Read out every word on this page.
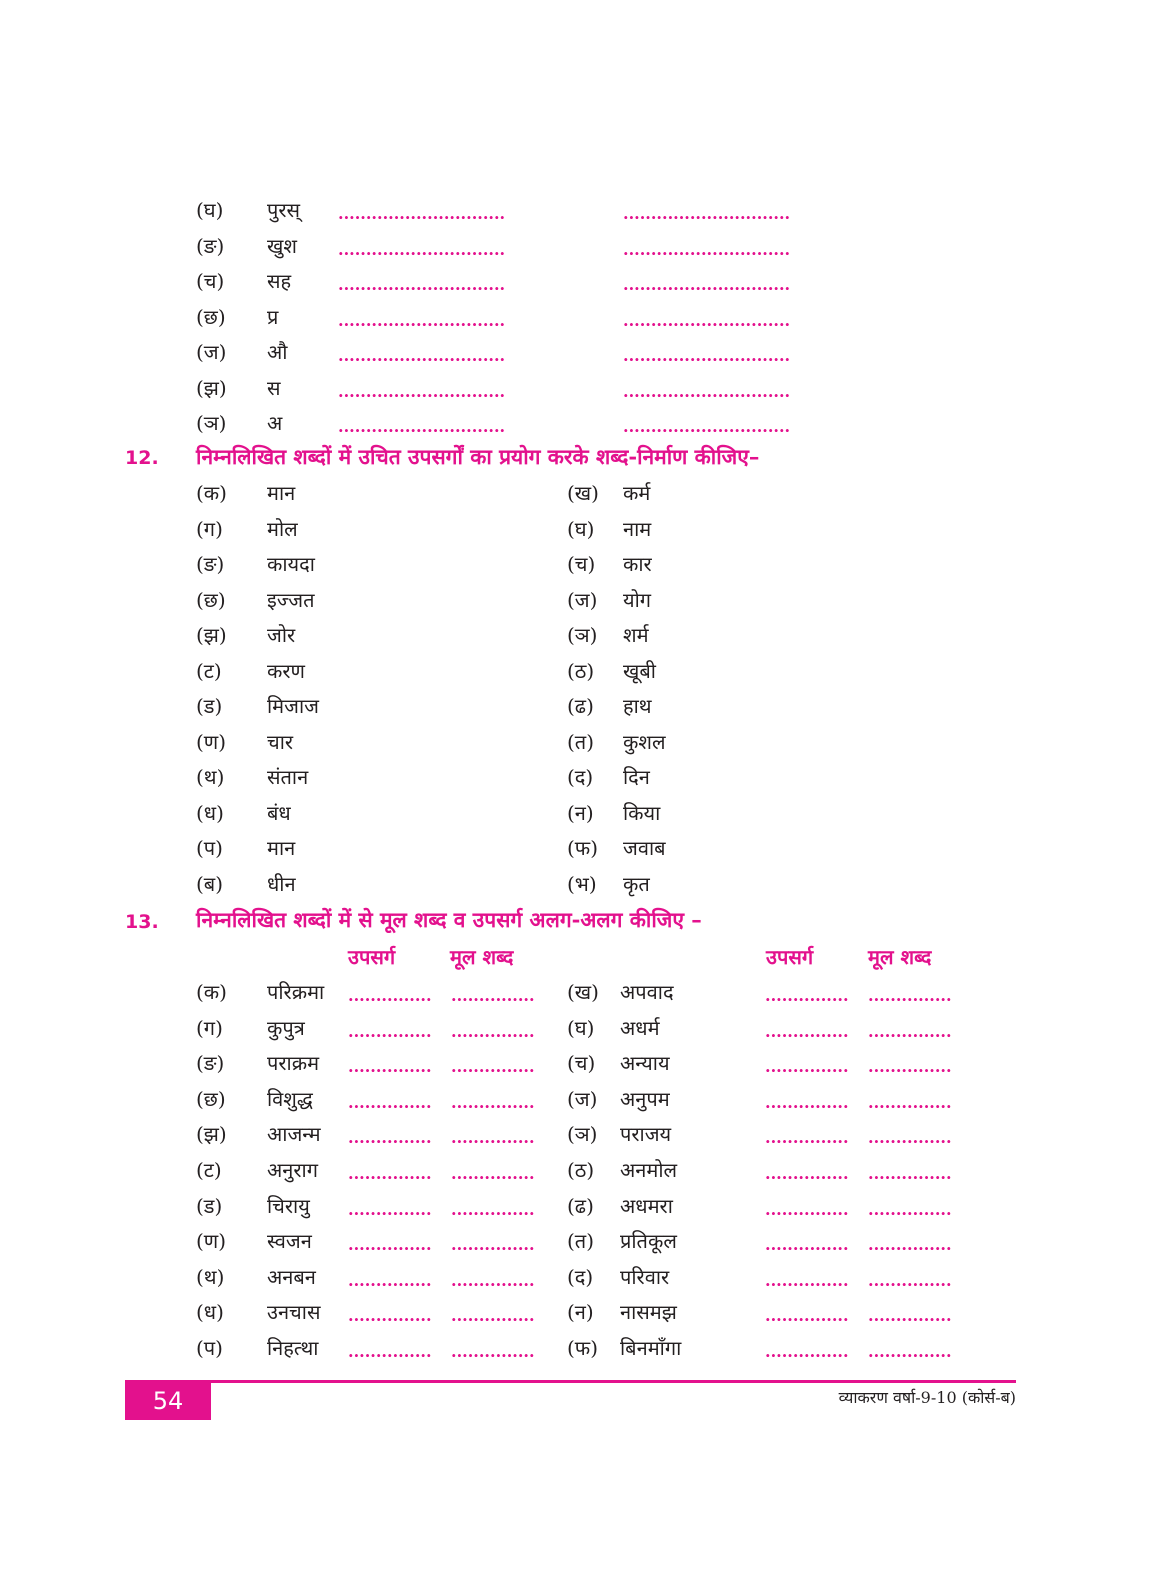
(घ) पुरस् ..............................	..............................
(ङ) खुश	..............................	..............................
(च) सह	..............................	..............................
(छ) प्र	..............................	..............................
(ज) औ	..............................	..............................
(झ) स	..............................	..............................
(ञ) अ	..............................	..............................
12. निम्नलिखित शब्दों में उचित उपसर्गों का प्रयोग करके शब्द-निर्माण कीजिए–
(क) मान	(ख) कर्म
(ग) मोल	(घ) नाम
(ङ) कायदा	(च) कार
(छ) इज्जत	(ज) योग
(झ) जोर	(ञ) शर्म
(ट) करण	(ठ) खूबी
(ड) मिजाज	(ढ) हाथ
(ण) चार	(त) कुशल
(थ) संतान	(द) दिन
(ध) बंध	(न) किया
(प) मान	(फ) जवाब
(ब) धीन	(भ) कृत
13. निम्नलिखित शब्दों में से मूल शब्द व उपसर्ग अलग-अलग कीजिए –
उपसर्ग	मूल शब्द	उपसर्ग	मूल शब्द
(क) परिक्रमा ............... ............... (ख) अपवाद	............... ...............
(ग) कुपुत्र	............... ............... (घ) अधर्म	............... ...............
(ङ) पराक्रम ............... ............... (च) अन्याय	............... ...............
(छ) विशुद्ध ............... ............... (ज) अनुपम	............... ...............
(झ) आजन्म ............... ............... (ञ) पराजय	............... ...............
(ट) अनुराग ............... ............... (ठ) अनमोल	............... ...............
(ड) चिरायु ............... ............... (ढ) अधमरा	............... ...............
(ण) स्वजन ............... ............... (त) प्रतिकूल	............... ...............
(थ) अनबन ............... ............... (द) परिवार	............... ...............
(ध) उनचास ............... ............... (न) नासमझ	............... ...............
(प) निहत्था ............... ............... (फ) बिनमाँगा	............... ...............
54	व्याकरण वर्षा-9-10 (कोर्स-ब)
